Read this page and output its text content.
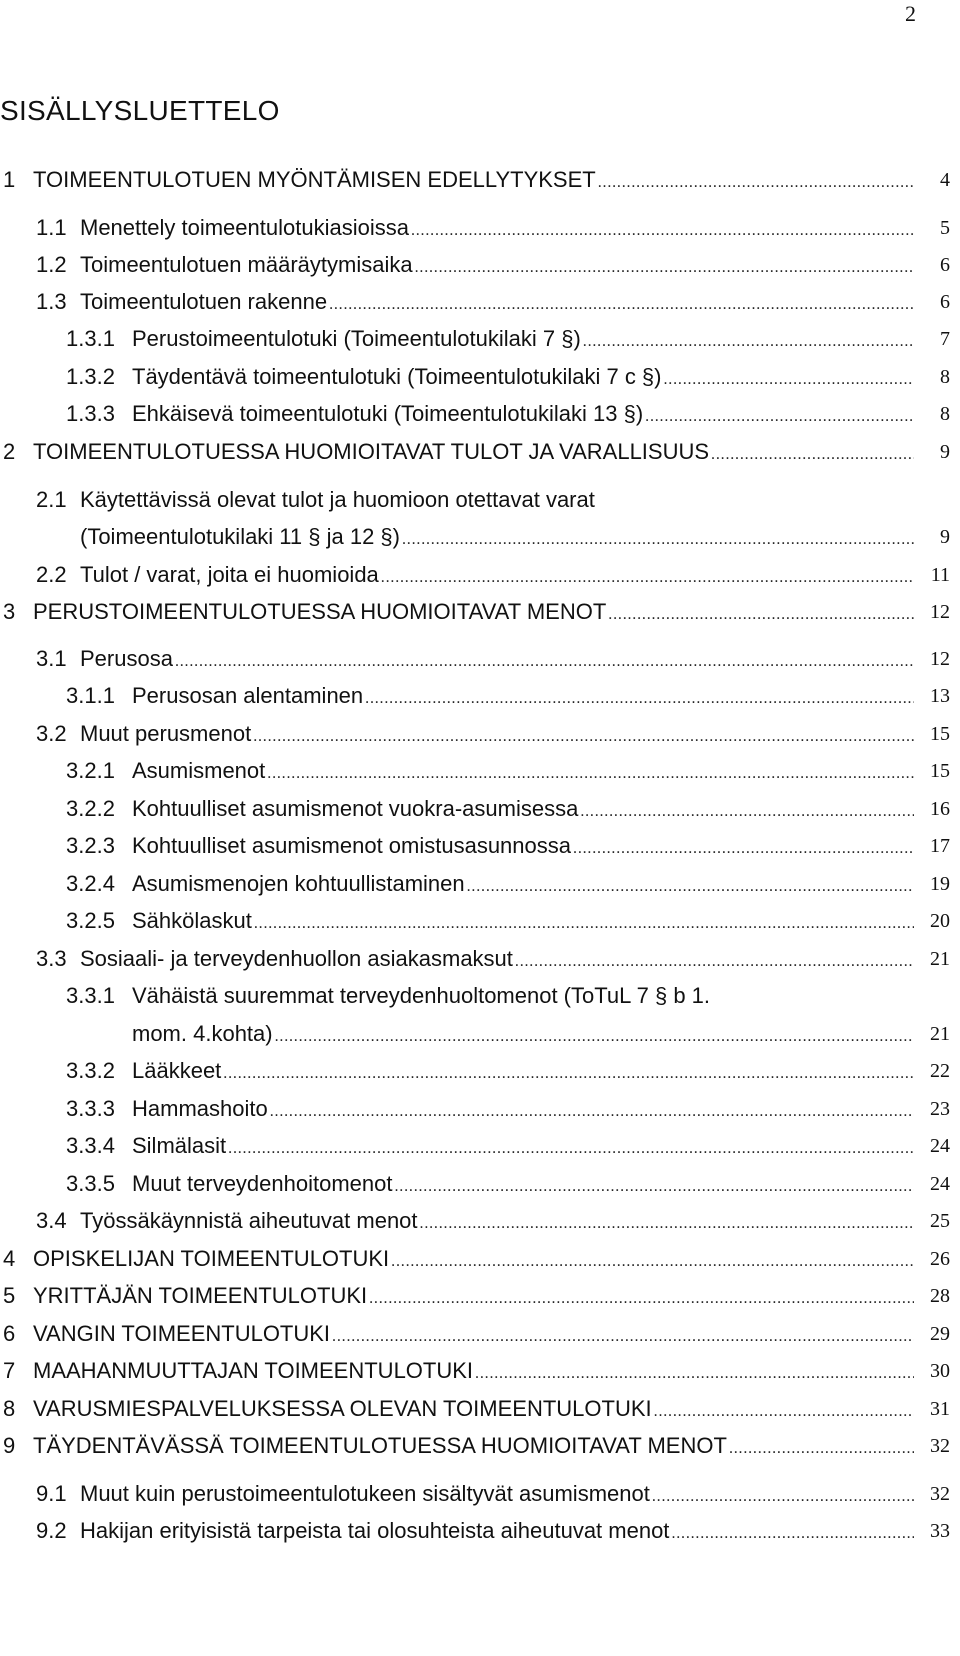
2
SISÄLLYSLUETTELO
1 TOIMEENTULOTUEN MYÖNTÄMISEN EDELLYTYKSET .....	4
1.1 Menettely toimeentulotukiasioissa .....	5
1.2 Toimeentulotuen määräytymisaika .....	6
1.3 Toimeentulotuen rakenne .....	6
1.3.1 Perustoimeentulotuki (Toimeentulotukilaki 7 §) .....	7
1.3.2 Täydentävä toimeentulotuki (Toimeentulotukilaki 7 c §) .....	8
1.3.3 Ehkäisevä toimeentulotuki (Toimeentulotukilaki 13 §) .....	8
2 TOIMEENTULOTUESSA HUOMIOITAVAT TULOT JA VARALLISUUS .....	9
2.1 Käytettävissä olevat tulot ja huomioon otettavat varat
(Toimeentulotukilaki 11 § ja 12 §) .....	9
2.2 Tulot / varat, joita ei huomioida .....	11
3 PERUSTOIMEENTULOTUESSA HUOMIOITAVAT MENOT .....	12
3.1 Perusosa .....	12
3.1.1 Perusosan alentaminen .....	13
3.2 Muut perusmenot .....	15
3.2.1 Asumismenot .....	15
3.2.2 Kohtuulliset asumismenot vuokra-asumisessa .....	16
3.2.3 Kohtuulliset asumismenot omistusasunnossa .....	17
3.2.4 Asumismenojen kohtuullistaminen .....	19
3.2.5 Sähkölaskut .....	20
3.3 Sosiaali- ja terveydenhuollon asiakasmaksut .....	21
3.3.1 Vähäistä suuremmat terveydenhuoltomenot (ToTuL 7 § b 1.
mom. 4.kohta) .....	21
3.3.2 Lääkkeet .....	22
3.3.3 Hammashoito .....	23
3.3.4 Silmälasit .....	24
3.3.5 Muut terveydenhoitomenot .....	24
3.4 Työssäkäynnistä aiheutuvat menot .....	25
4 OPISKELIJAN TOIMEENTULOTUKI .....	26
5 YRITTÄJÄN TOIMEENTULOTUKI .....	28
6 VANGIN TOIMEENTULOTUKI .....	29
7 MAAHANMUUTTAJAN TOIMEENTULOTUKI .....	30
8 VARUSMIESPALVELUKSESSA OLEVAN TOIMEENTULOTUKI .....	31
9 TÄYDENTÄVÄSSÄ TOIMEENTULOTUESSA HUOMIOITAVAT MENOT .....	32
9.1 Muut kuin perustoimeentulotukeen sisältyvät asumismenot .....	32
9.2 Hakijan erityisistä tarpeista tai olosuhteista aiheutuvat menot .....	33
